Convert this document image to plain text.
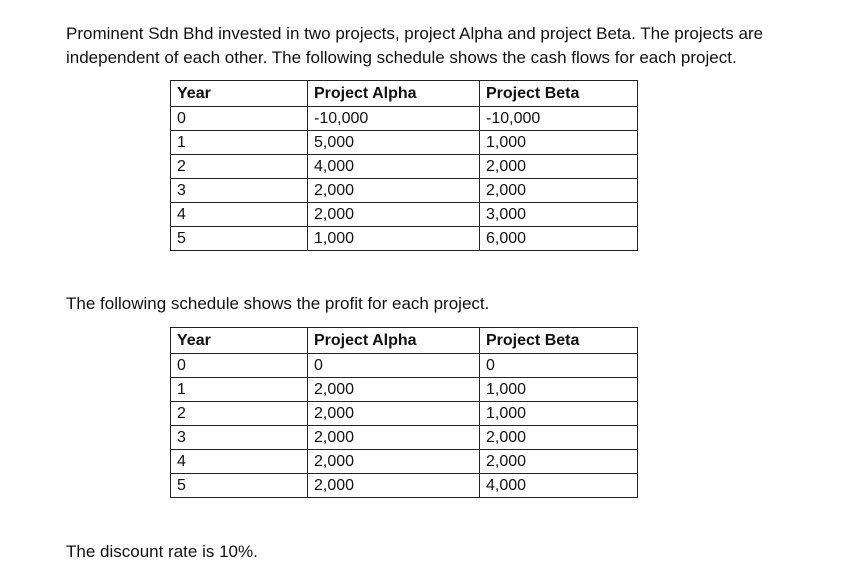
Prominent Sdn Bhd invested in two projects, project Alpha and project Beta. The projects are independent of each other. The following schedule shows the cash flows for each project.

Year	Project Alpha	Project Beta
0	-10,000	-10,000
1	5,000	1,000
2	4,000	2,000
3	2,000	2,000
4	2,000	3,000
5	1,000	6,000

The following schedule shows the profit for each project.

Year	Project Alpha	Project Beta
0	0	0
1	2,000	1,000
2	2,000	1,000
3	2,000	2,000
4	2,000	2,000
5	2,000	4,000

The discount rate is 10%.
